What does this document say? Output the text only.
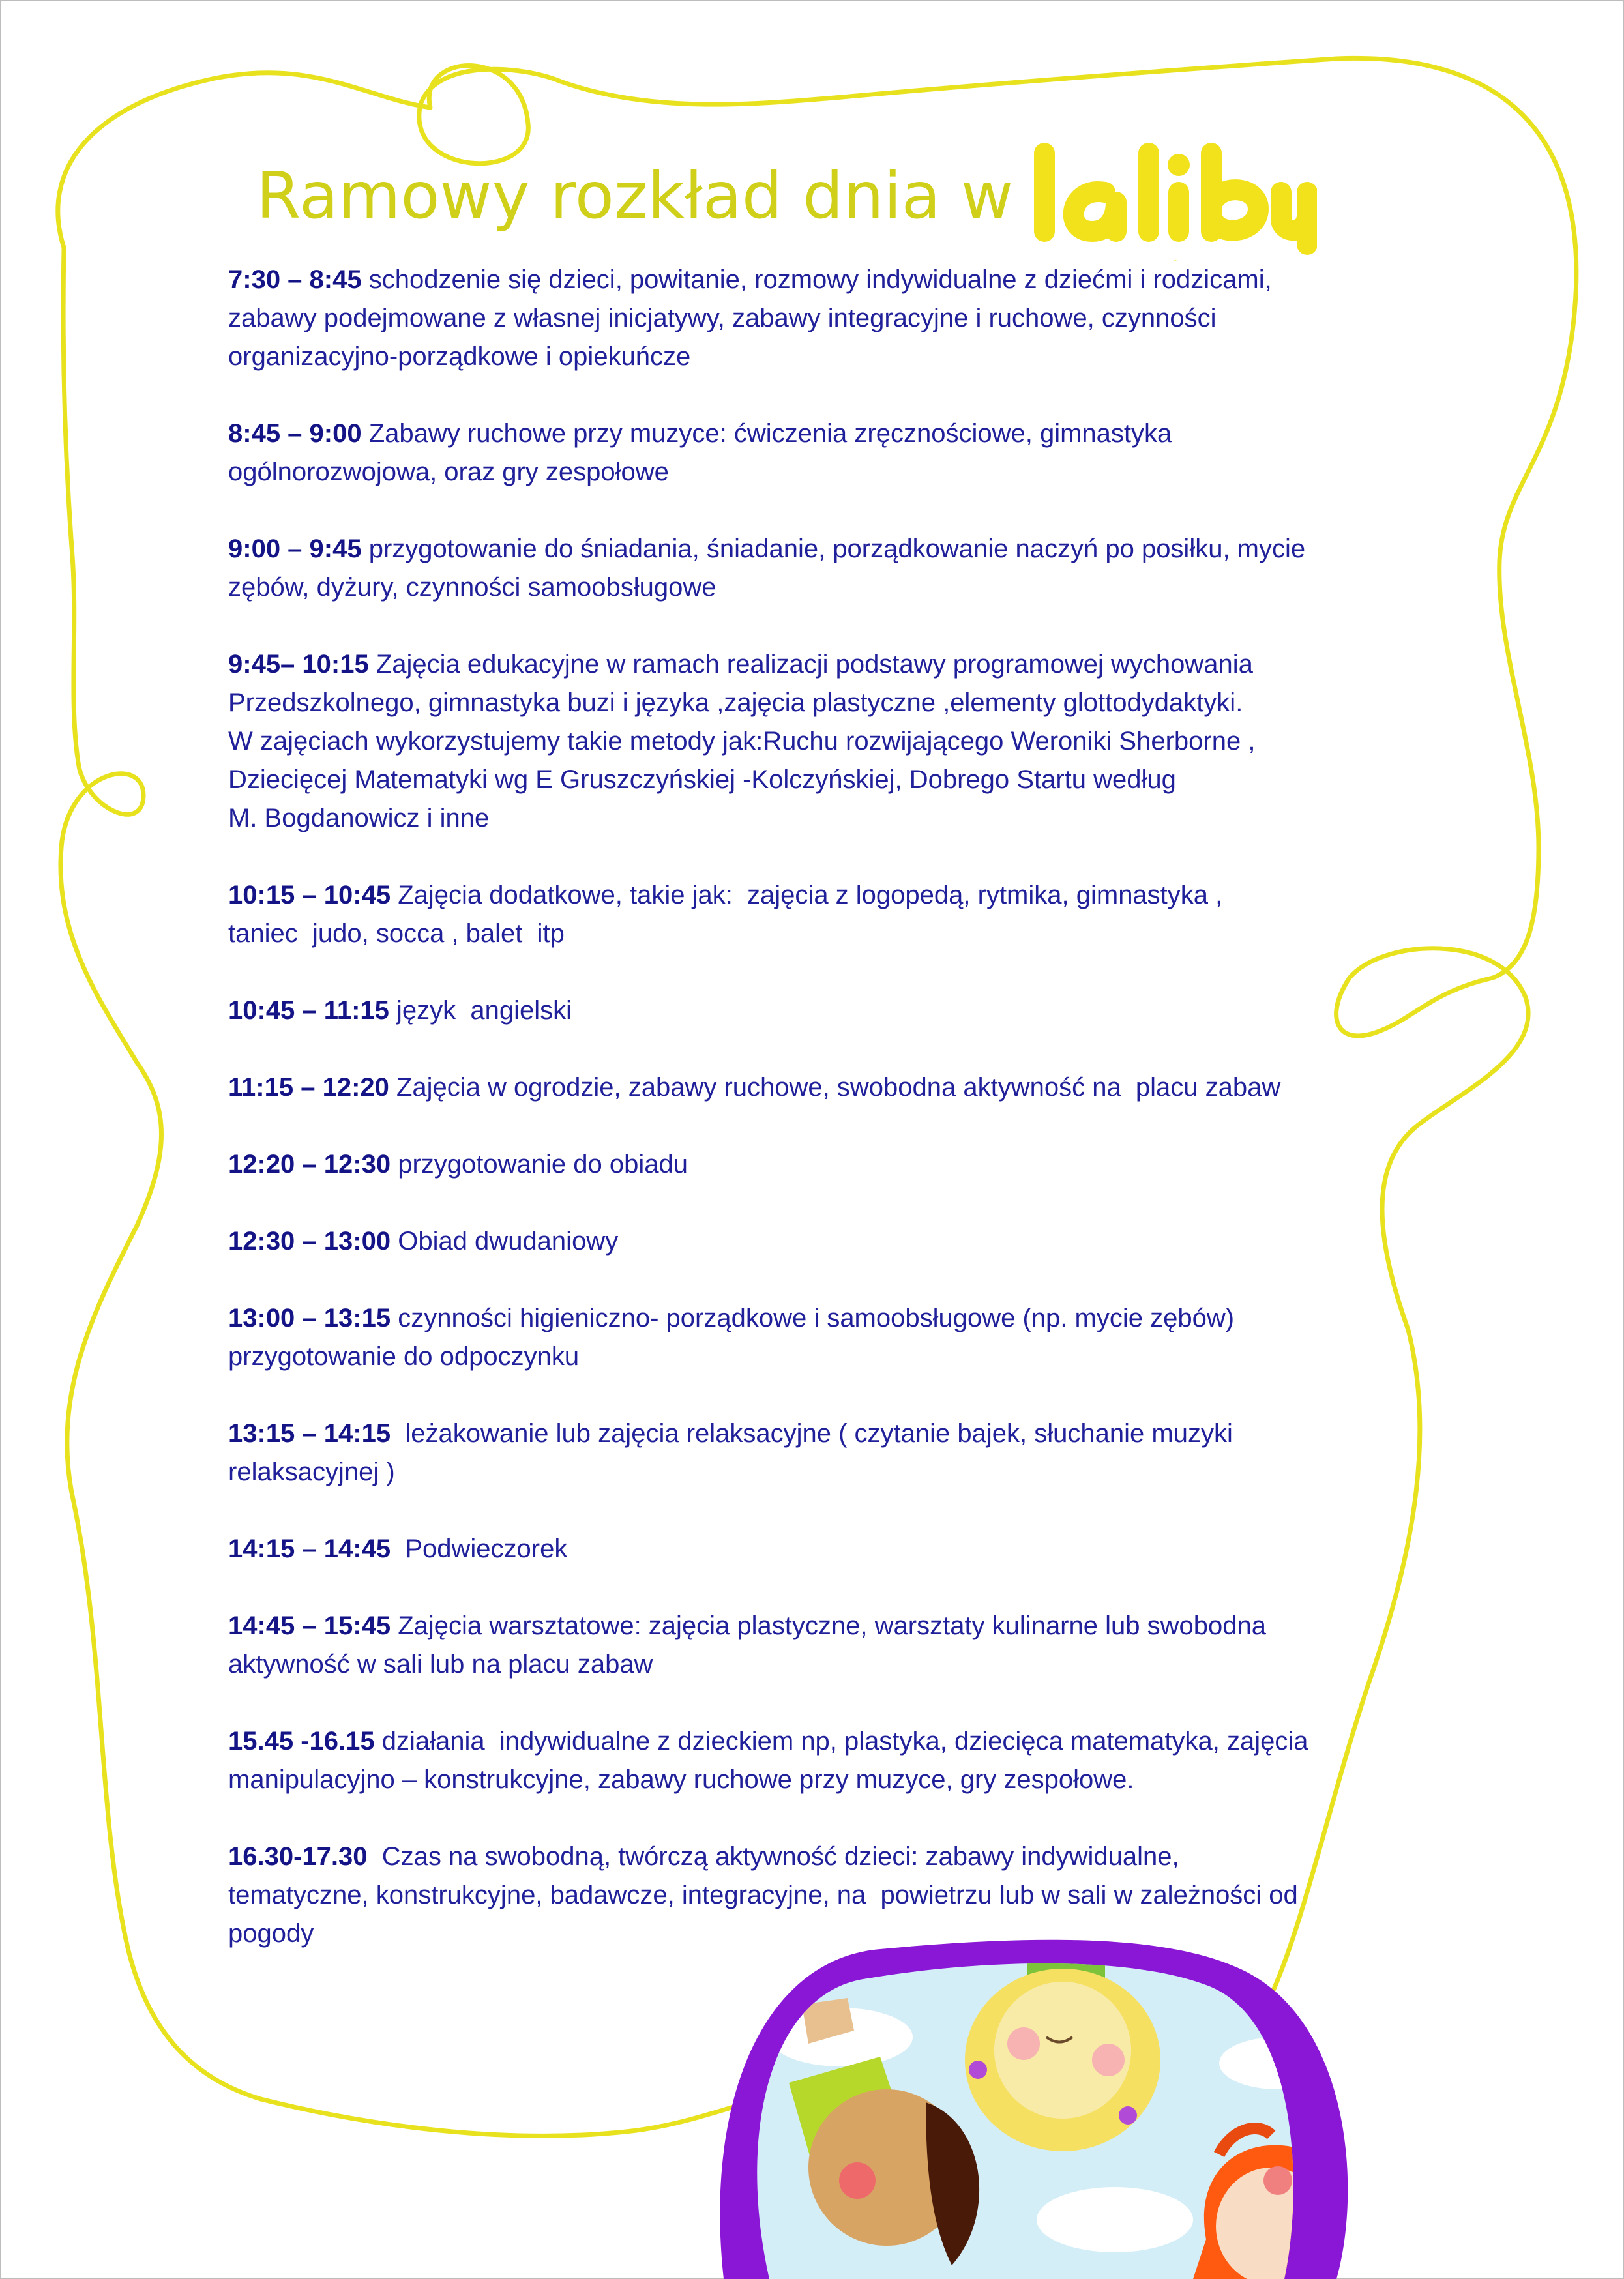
Ramowy rozkład dnia w
lalibu
7:30 – 8:45 schodzenie się dzieci, powitanie, rozmowy indywidualne z dziećmi i rodzicami,
zabawy podejmowane z własnej inicjatywy, zabawy integracyjne i ruchowe, czynności
organizacyjno-porządkowe i opiekuńcze
8:45 – 9:00 Zabawy ruchowe przy muzyce: ćwiczenia zręcznościowe, gimnastyka
ogólnorozwojowa, oraz gry zespołowe
9:00 – 9:45 przygotowanie do śniadania, śniadanie, porządkowanie naczyń po posiłku, mycie
zębów, dyżury, czynności samoobsługowe
9:45– 10:15 Zajęcia edukacyjne w ramach realizacji podstawy programowej wychowania
Przedszkolnego, gimnastyka buzi i języka ,zajęcia plastyczne ,elementy glottodydaktyki.
W zajęciach wykorzystujemy takie metody jak:Ruchu rozwijającego Weroniki Sherborne ,
Dziecięcej Matematyki wg E Gruszczyńskiej -Kolczyńskiej, Dobrego Startu według
M. Bogdanowicz i inne
10:15 – 10:45 Zajęcia dodatkowe, takie jak:  zajęcia z logopedą, rytmika, gimnastyka ,
taniec  judo, socca , balet  itp
10:45 – 11:15 język  angielski
11:15 – 12:20 Zajęcia w ogrodzie, zabawy ruchowe, swobodna aktywność na  placu zabaw
12:20 – 12:30 przygotowanie do obiadu
12:30 – 13:00 Obiad dwudaniowy
13:00 – 13:15 czynności higieniczno- porządkowe i samoobsługowe (np. mycie zębów)
przygotowanie do odpoczynku
13:15 – 14:15  leżakowanie lub zajęcia relaksacyjne ( czytanie bajek, słuchanie muzyki
relaksacyjnej )
14:15 – 14:45  Podwieczorek
14:45 – 15:45 Zajęcia warsztatowe: zajęcia plastyczne, warsztaty kulinarne lub swobodna
aktywność w sali lub na placu zabaw
15.45 -16.15 działania  indywidualne z dzieckiem np, plastyka, dziecięca matematyka, zajęcia
manipulacyjno – konstrukcyjne, zabawy ruchowe przy muzyce, gry zespołowe.
16.30-17.30  Czas na swobodną, twórczą aktywność dzieci: zabawy indywidualne,
tematyczne, konstrukcyjne, badawcze, integracyjne, na  powietrzu lub w sali w zależności od
pogody
